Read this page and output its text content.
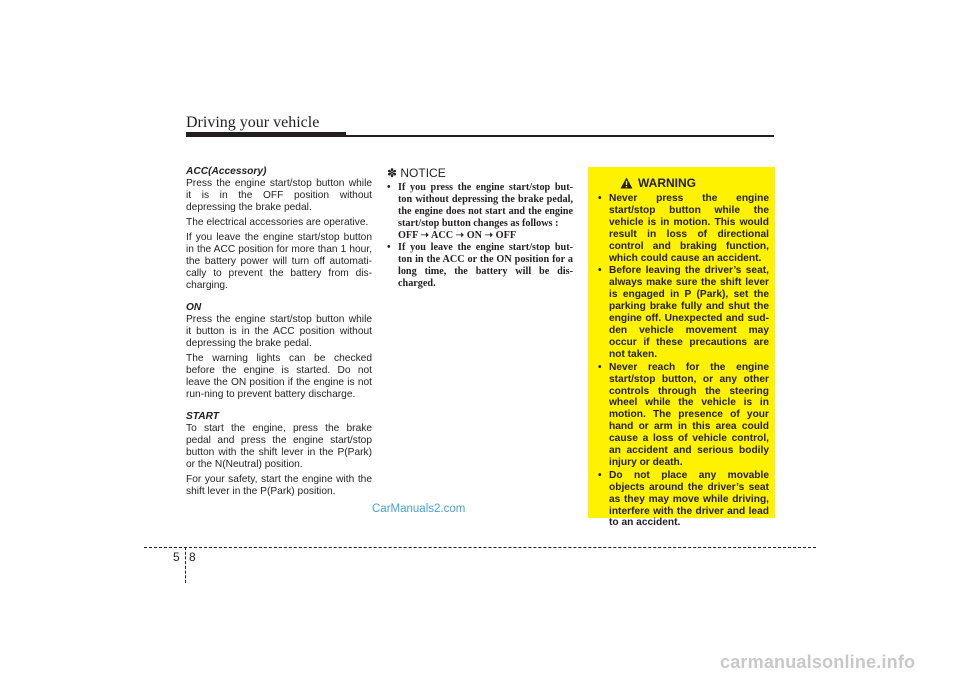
Driving your vehicle
ACC(Accessory)

Press the engine start/stop button while it is in the OFF position without depressing the brake pedal.

The electrical accessories are operative.

If you leave the engine start/stop button in the ACC position for more than 1 hour, the battery power will turn off automati-cally to prevent the battery from dis-charging.

ON

Press the engine start/stop button while it button is in the ACC position without depressing the brake pedal.

The warning lights can be checked before the engine is started. Do not leave the ON position if the engine is not run-ning to prevent battery discharge.

START

To start the engine, press the brake pedal and press the engine start/stop button with the shift lever in the P(Park) or the N(Neutral) position.

For your safety, start the engine with the shift lever in the P(Park) position.

✽ NOTICE
• If you press the engine start/stop but-ton without depressing the brake pedal, the engine does not start and the engine start/stop button changes as follows :
OFF ➝ ACC ➝ ON ➝ OFF
• If you leave the engine start/stop but-ton in the ACC or the ON position for a long time, the battery will be dis-charged.
WARNING
• Never press the engine start/stop button while the vehicle is in motion. This would result in loss of directional control and braking function, which could cause an accident.
• Before leaving the driver’s seat, always make sure the shift lever is engaged in P (Park), set the parking brake fully and shut the engine off. Unexpected and sud-den vehicle movement may occur if these precautions are not taken.
• Never reach for the engine start/stop button, or any other controls through the steering wheel while the vehicle is in motion. The presence of your hand or arm in this area could cause a loss of vehicle control, an accident and serious bodily injury or death.
• Do not place any movable objects around the driver’s seat as they may move while driving, interfere with the driver and lead to an accident.
CarManuals2.com
5 8
carmanualsonline.info
